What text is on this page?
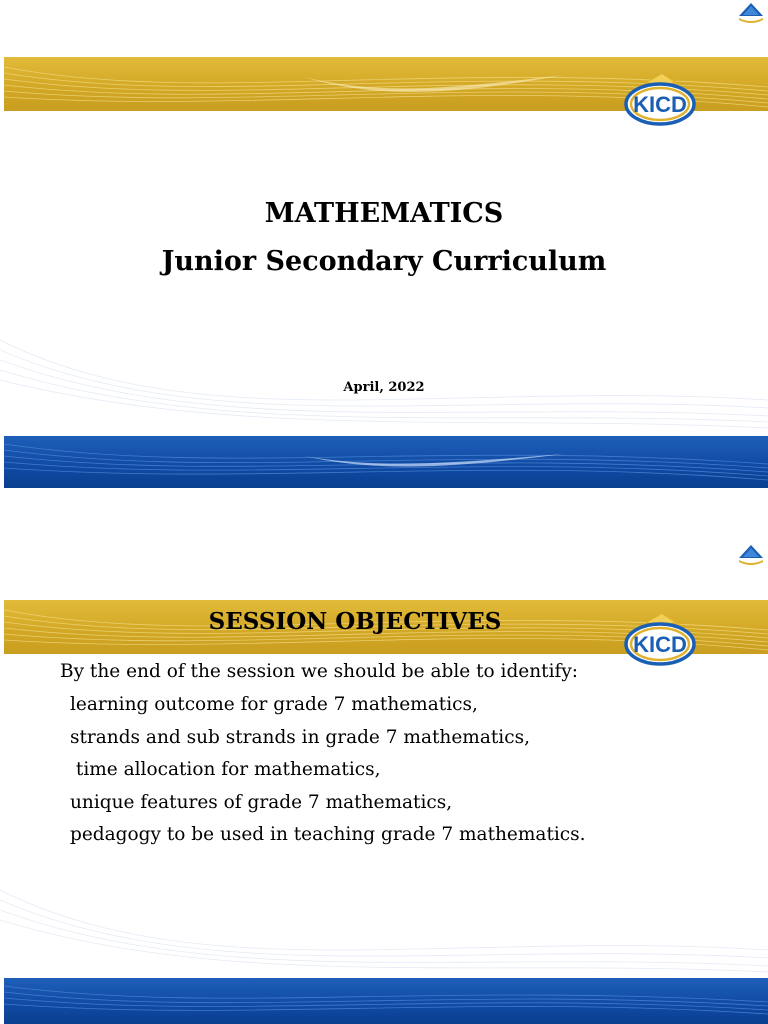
KICD
MATHEMATICS
Junior Secondary Curriculum
April, 2022
SESSION OBJECTIVES
KICD
By the end of the session we should be able to identify:
learning outcome for grade 7 mathematics,
strands and sub strands in grade 7 mathematics,
time allocation for mathematics,
unique features of grade 7 mathematics,
pedagogy to be used in teaching grade 7 mathematics.
